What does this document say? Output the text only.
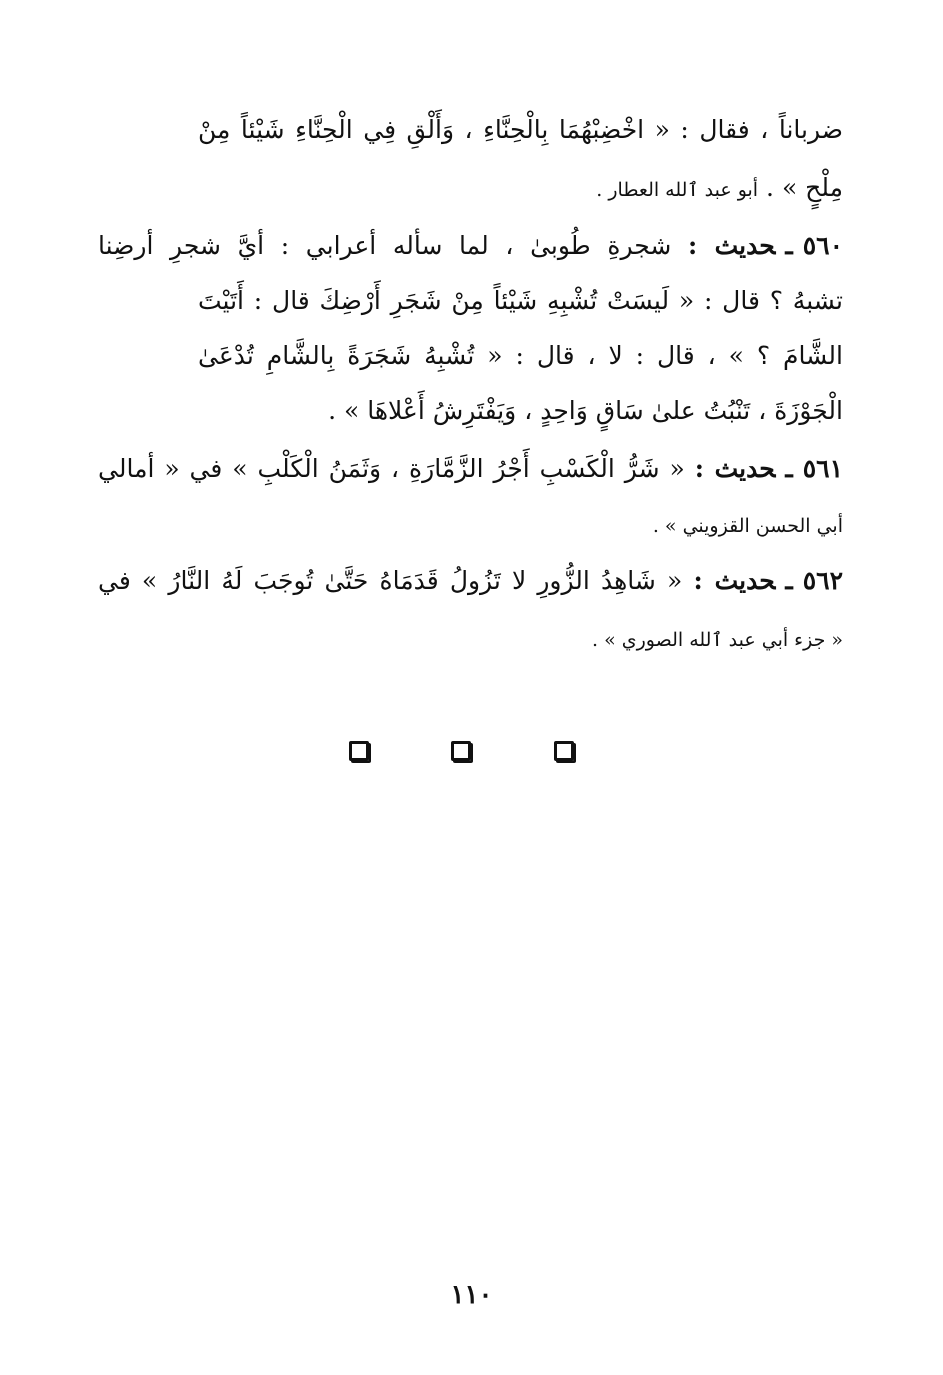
ضرباناً ، فقال : « اخْضِبْهُمَا بِالْحِنَّاءِ ، وَأَلْقِ فِي الْحِنَّاءِ شَيْئاً مِنْ
مِلْحٍ » . أبو عبد ٱلله العطار .
٥٦٠ـحديث : شجرةِ طُوبىٰ ، لما سأله أعرابي : أيَّ شجرِ أرضِنا
تشبهُ ؟ قال : « لَيسَتْ تُشْبِهِ شَيْئاً مِنْ شَجَرِ أَرْضِكَ قال : أَتَيْتَ
الشَّامَ ؟ » ، قال : لا ، قال : « تُشْبِهُ شَجَرَةً بِالشَّامِ تُدْعَىٰ
الْجَوْزَةَ ، تَنْبُتُ علىٰ سَاقٍ وَاحِدٍ ، وَيَفْتَرِشُ أَعْلاهَا » .
٥٦١ـحديث : « شَرُّ الْكَسْبِ أَجْرُ الزَّمَّارَةِ ، وَثَمَنُ الْكَلْبِ » في « أمالي
أبي الحسن القزويني » .
٥٦٢ـحديث : « شَاهِدُ الزُّورِ لا تَزُولُ قَدَمَاهُ حَتَّىٰ تُوجَبَ لَهُ النَّارُ » في
« جزء أبي عبد ٱلله الصوري » .
١١٠
